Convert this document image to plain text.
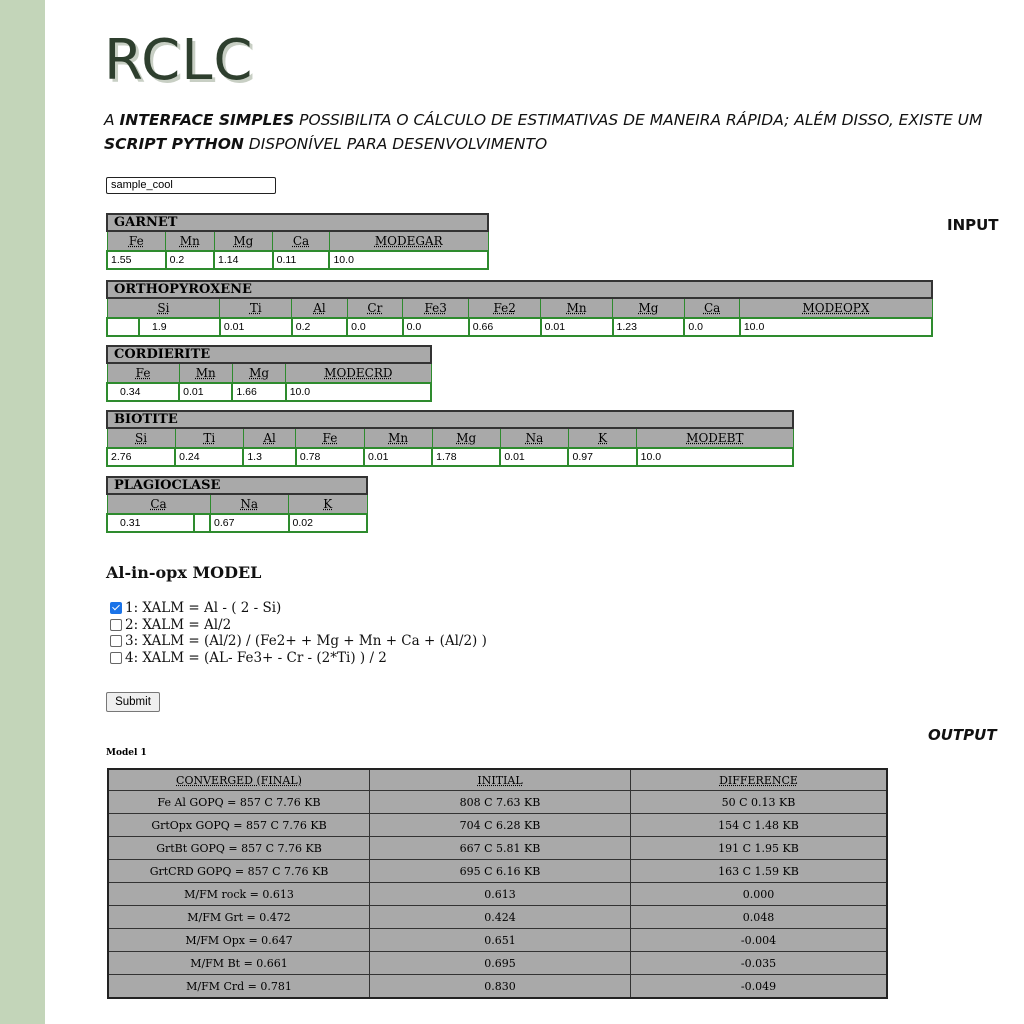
RCLC
A INTERFACE SIMPLES POSSIBILITA O CÁLCULO DE ESTIMATIVAS DE MANEIRA RÁPIDA; ALÉM DISSO, EXISTE UM SCRIPT PYTHON DISPONÍVEL PARA DESENVOLVIMENTO
sample_cool
INPUT
GARNET				
Fe	Mn	Mg	Ca	MODEGAR

1.55	0.2	1.14	0.11	10.0
ORTHOPYROXENE										
Si		Ti	Al	Cr	Fe3	Fe2	Mn	Mg	Ca	MODEOPX

	1.9	0.01	0.2	0.0	0.0	0.66	0.01	1.23	0.0	10.0
CORDIERITE			
Fe	Mn	Mg	MODECRD

0.34	0.01	1.66	10.0
BIOTITE								
Si	Ti	Al	Fe	Mn	Mg	Na	K	MODEBT

2.76	0.24	1.3	0.78	0.01	1.78	0.01	0.97	10.0
PLAGIOCLASE			
Ca		Na	K

0.31		0.67	0.02
Al-in-opx MODEL
1: XALM = Al - ( 2 - Si)
2: XALM = Al/2
3: XALM = (Al/2) / (Fe2+ + Mg + Mn + Ca + (Al/2) )
4: XALM = (AL- Fe3+ - Cr - (2*Ti) ) / 2
Submit
OUTPUT
Model 1
CONVERGED (FINAL)	INITIAL	DIFFERENCE
Fe Al GOPQ = 857 C 7.76 KB	808 C 7.63 KB	50 C 0.13 KB
GrtOpx GOPQ = 857 C 7.76 KB	704 C 6.28 KB	154 C 1.48 KB
GrtBt GOPQ = 857 C 7.76 KB	667 C 5.81 KB	191 C 1.95 KB
GrtCRD GOPQ = 857 C 7.76 KB	695 C 6.16 KB	163 C 1.59 KB
M/FM rock = 0.613	0.613	0.000
M/FM Grt = 0.472	0.424	0.048
M/FM Opx = 0.647	0.651	-0.004
M/FM Bt = 0.661	0.695	-0.035
M/FM Crd = 0.781	0.830	-0.049
